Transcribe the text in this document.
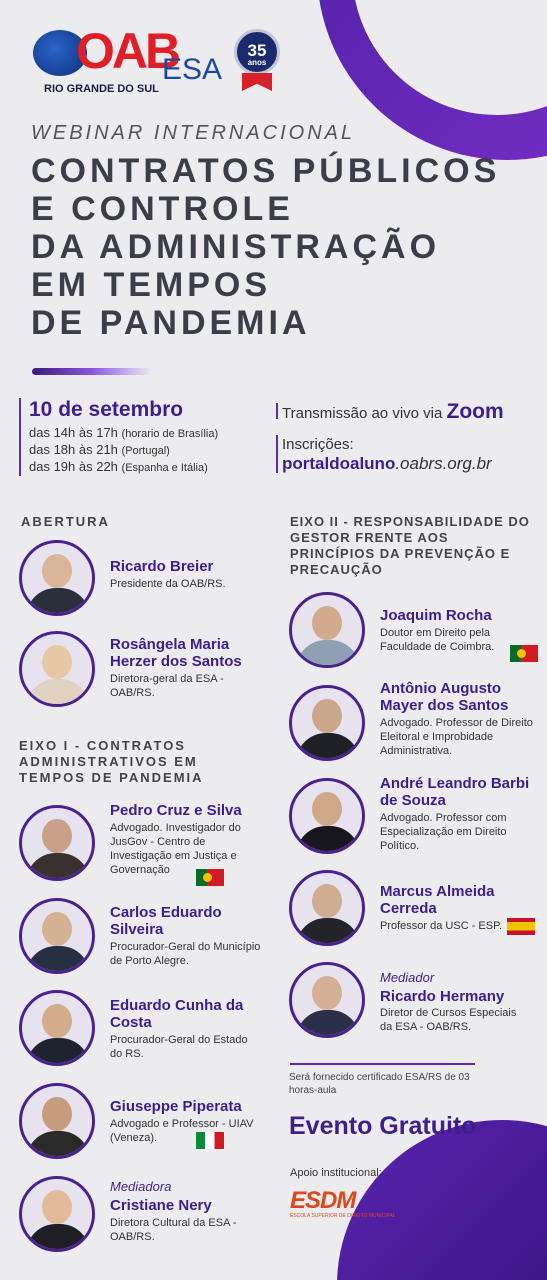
OAB
RIO GRANDE DO SUL
ESA
35
anos
WEBINAR INTERNACIONAL
CONTRATOS PÚBLICOS
E CONTROLE
DA ADMINISTRAÇÃO
EM TEMPOS
DE PANDEMIA
10 de setembro
das 14h às 17h (horario de Brasília)
das 18h às 21h (Portugal)
das 19h às 22h (Espanha e Itália)
Transmissão ao vivo via Zoom
Inscrições:
portaldoaluno.oabrs.org.br
ABERTURA
Ricardo Breier
Presidente da OAB/RS.
Rosângela Maria Herzer dos Santos
Diretora-geral da ESA - OAB/RS.
EIXO I - CONTRATOS ADMINISTRATIVOS EM TEMPOS DE PANDEMIA
Pedro Cruz e Silva
Advogado. Investigador do JusGov - Centro de Investigação em Justiça e Governação
Carlos Eduardo Silveira
Procurador-Geral do Município de Porto Alegre.
Eduardo Cunha da Costa
Procurador-Geral do Estado do RS.
Giuseppe Piperata
Advogado e Professor - UIAV (Veneza).
Mediadora
Cristiane Nery
Diretora Cultural da ESA - OAB/RS.
EIXO II - RESPONSABILIDADE DO GESTOR FRENTE AOS PRINCÍPIOS DA PREVENÇÃO E PRECAUÇÃO
Joaquim Rocha
Doutor em Direito pela Faculdade de Coimbra.
Antônio Augusto Mayer dos Santos
Advogado. Professor de Direito Eleitoral e Improbidade Administrativa.
André Leandro Barbi de Souza
Advogado. Professor com Especialização em Direito Político.
Marcus Almeida Cerreda
Professor da USC - ESP.
Mediador
Ricardo Hermany
Diretor de Cursos Especiais da ESA - OAB/RS.
Será fornecido certificado ESA/RS de 03 horas-aula
Evento Gratuito
Apoio institucional:
ESDM
ESCOLA SUPERIOR DE DIREITO MUNICIPAL
